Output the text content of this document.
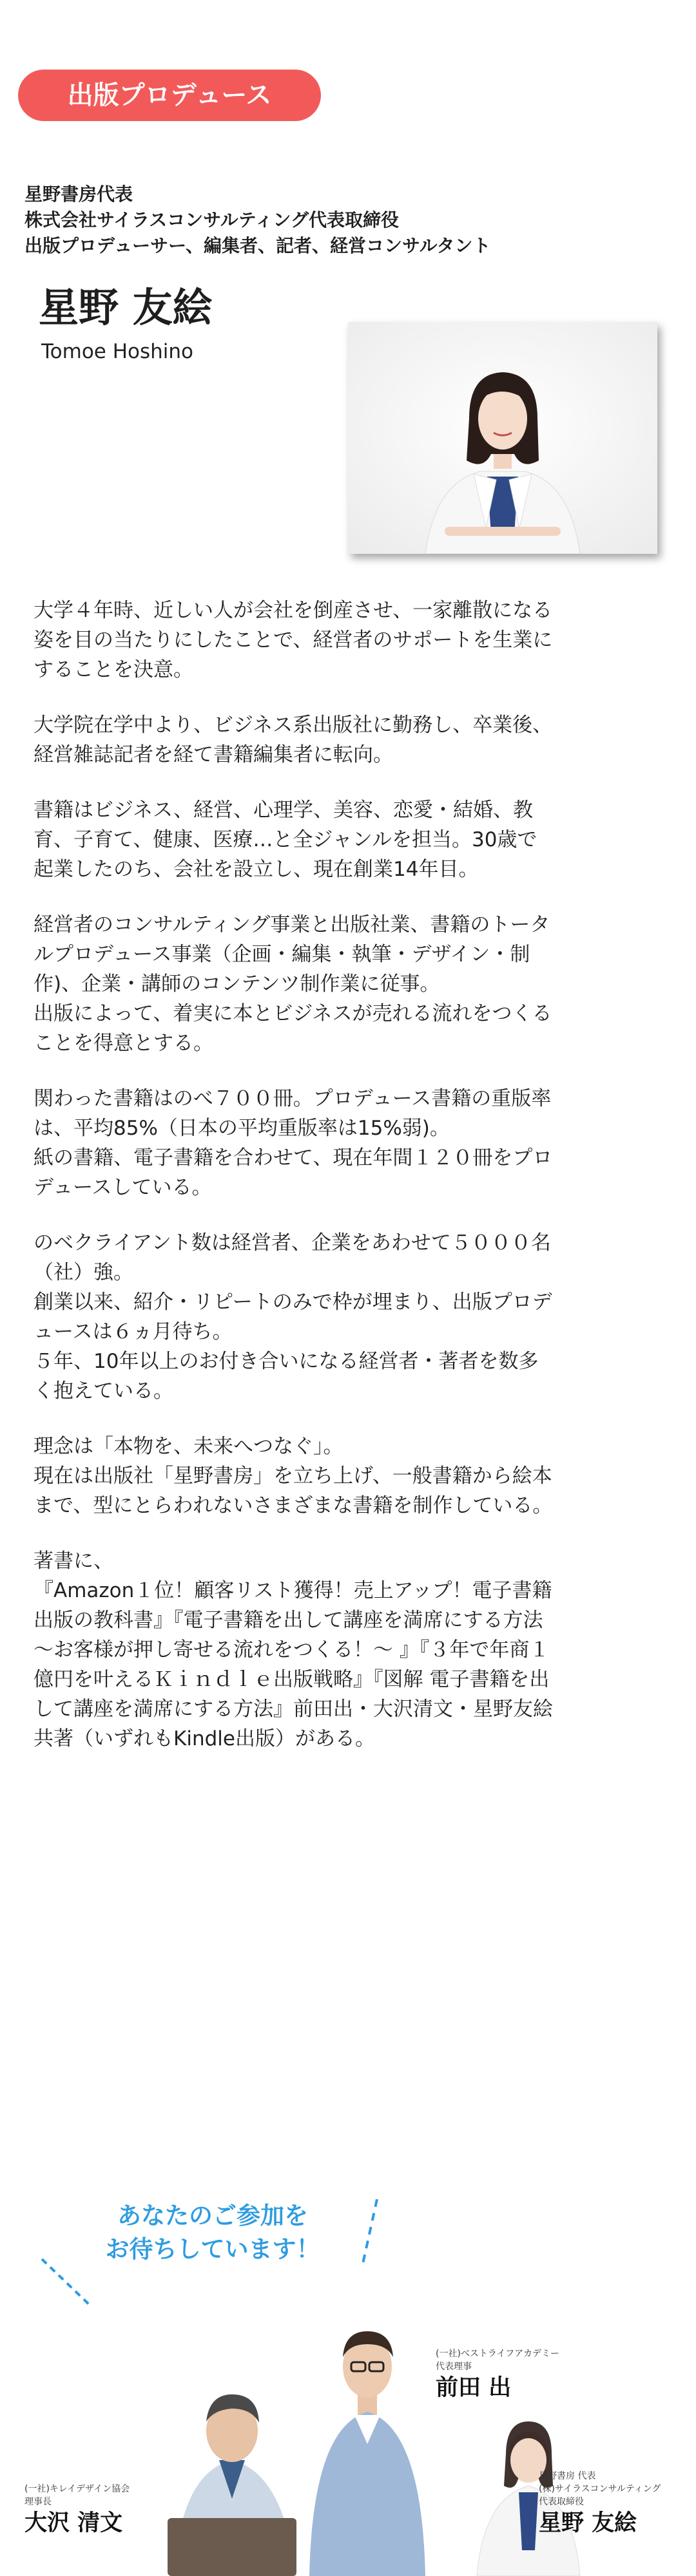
出版プロデュース
星野書房代表
株式会社サイラスコンサルティング代表取締役
出版プロデューサー、編集者、記者、経営コンサルタント
星野 友絵
Tomoe Hoshino

大学４年時、近しい人が会社を倒産させ、一家離散になる
姿を目の当たりにしたことで、経営者のサポートを生業に
することを決意。

大学院在学中より、ビジネス系出版社に勤務し、卒業後、
経営雑誌記者を経て書籍編集者に転向。

書籍はビジネス、経営、心理学、美容、恋愛・結婚、教
育、子育て、健康、医療…と全ジャンルを担当。30歳で
起業したのち、会社を設立し、現在創業14年目。

経営者のコンサルティング事業と出版社業、書籍のトータ
ルプロデュース事業（企画・編集・執筆・デザイン・制
作)、企業・講師のコンテンツ制作業に従事。
出版によって、着実に本とビジネスが売れる流れをつくる
ことを得意とする。

関わった書籍はのべ７００冊。プロデュース書籍の重版率
は、平均85%（日本の平均重版率は15%弱)。
紙の書籍、電子書籍を合わせて、現在年間１２０冊をプロ
デュースしている。

のベクライアント数は経営者、企業をあわせて５０００名
（社）強。
創業以来、紹介・リピートのみで枠が埋まり、出版プロデ
ュースは６ヵ月待ち。
５年、10年以上のお付き合いになる経営者・著者を数多
く抱えている。

理念は「本物を、未来へつなぐ」。
現在は出版社「星野書房」を立ち上げ、一般書籍から絵本
まで、型にとらわれないさまざまな書籍を制作している。

著書に、
『Amazon１位！顧客リスト獲得！売上アップ！電子書籍
出版の教科書』『電子書籍を出して講座を満席にする方法
～お客様が押し寄せる流れをつくる！～ 』『３年で年商１
億円を叶えるＫｉｎｄｌｅ出版戦略』『図解 電子書籍を出
して講座を満席にする方法』前田出・大沢清文・星野友絵
共著（いずれもKindle出版）がある。

あなたのご参加を
お待ちしています！
(一社)ベストライフアカデミー
代表理事
前田 出
(一社)キレイデザイン協会
理事長
大沢 清文
星野書房 代表
(株)サイラスコンサルティング
代表取締役
星野 友絵
